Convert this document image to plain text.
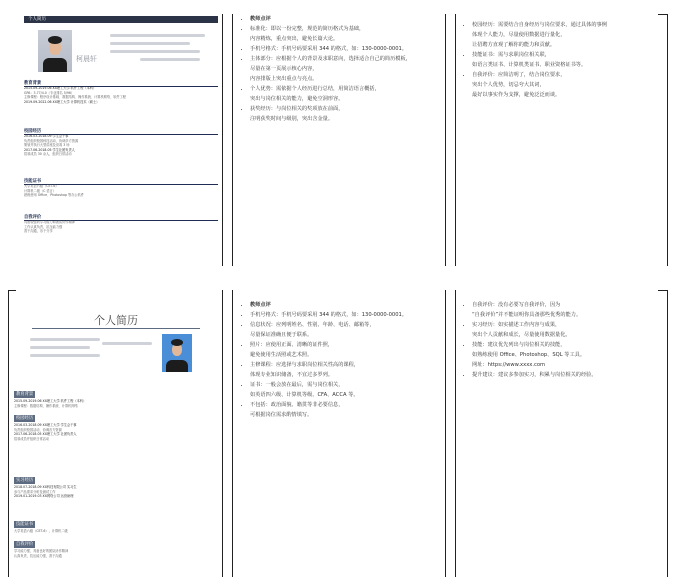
个人简历
柯晨轩
教育背景
2015.09-2019.06 XX理工大学 软件工程（本科）
GPA：3.77/4.0（专业排名 5/96）
主修课程：程序设计基础、数据结构、操作系统、计算机网络、软件工程
2019.09-2022.06 XX理工大学 计算机技术（硕士）
校园经历
2016.03-2018.09 学生会干事
负责组织校园科技活动，协调多方资源
策划并执行大型讲座及竞赛 3 场
2017.06-2018.05 学生社团负责人
招募成员 30 余人，组织日常活动
技能证书
大学英语六级（CET-6）
计算机二级（C 语言）
熟练使用 Office、Photoshop 等办公软件
自我评价
具备较强的学习能力和团队协作精神
工作认真负责，抗压能力强
善于沟通，乐于分享
• 教师点评
• 标准化：即以一份完整，规范的简历格式为基础，
内容精炼，重点突出，避免长篇大论。
• 手机号格式：手机号码要采用 344 的格式，如：130-0000-0001。
• 主体部分：应根据个人的背景及求职意向，选择适合自己的简历模板，
尽量在第一页展示核心内容，
内容排版上突出重点与亮点。
• 个人优势：需依据个人经历进行总结，用简洁语言概括，
突出与岗位相关的能力，避免空洞形容。
• 获奖经历：与岗位相关的奖项放在前面，
注明获奖时间与级别，突出含金量。
• 校园经历：需要结合自身经历与岗位要求，通过具体的事例
体现个人能力，尽量使用数据进行量化，
让招聘方直观了解你的能力和贡献。
• 技能证书：需与求职岗位相关联，
如语言类证书、计算机类证书、职业资格证书等。
• 自我评价：应简洁明了，结合岗位要求，
突出个人优势，切忌夸大其词，
最好以事实作为支撑，避免泛泛而谈。
个人简历
教育背景
2015.09-2019.06 XX理工大学 软件工程（本科）
主修课程：数据结构、操作系统、计算机网络
校园经历
2016.03-2018.09 XX理工大学 学生会干事
负责组织校园活动，协调各方资源
2017.06-2018.05 XX理工大学 社团负责人
招募成员并组织日常活动
实习经历
2018.07-2018.09 XX科技有限公司 实习生
参与产品需求分析及测试工作
2019.01-2019.03 XX网络公司 运营助理
技能证书
大学英语六级（CET-6），计算机二级
自我评价
学习能力强，具备良好的团队协作精神
认真负责，抗压能力强，善于沟通
• 教师点评
• 手机号格式：手机号码要采用 344 的格式，如：130-0000-0001。
• 信息状况：应列明姓名、性别、年龄、电话、邮箱等，
尽量保证准确且便于联系。
• 照片：应使用正面、清晰的证件照，
避免使用生活照或艺术照。
• 主修课程：应选择与求职岗位相关性高的课程，
体现专业知识储备，不宜过多罗列。
• 证书：一般会放在最后，需与岗位相关，
如英语四六级、计算机等级、CFA、ACCA 等。
• 不包括：政治面貌、籍贯等非必要信息，
可根据岗位需求酌情填写。
• 自我评价：没有必要写自我评价，因为
“自我评价”并不能证明你具备那些优秀的能力。
• 实习经历：如实描述工作内容与成果，
突出个人贡献和成长，尽量使用数据量化。
• 技能：建议优先列出与岗位相关的技能，
如熟练使用 Office、Photoshop、SQL 等工具。
网址：https://www.xxxx.com
• 提升建议：建议多参加实习，积累与岗位相关的经验。
